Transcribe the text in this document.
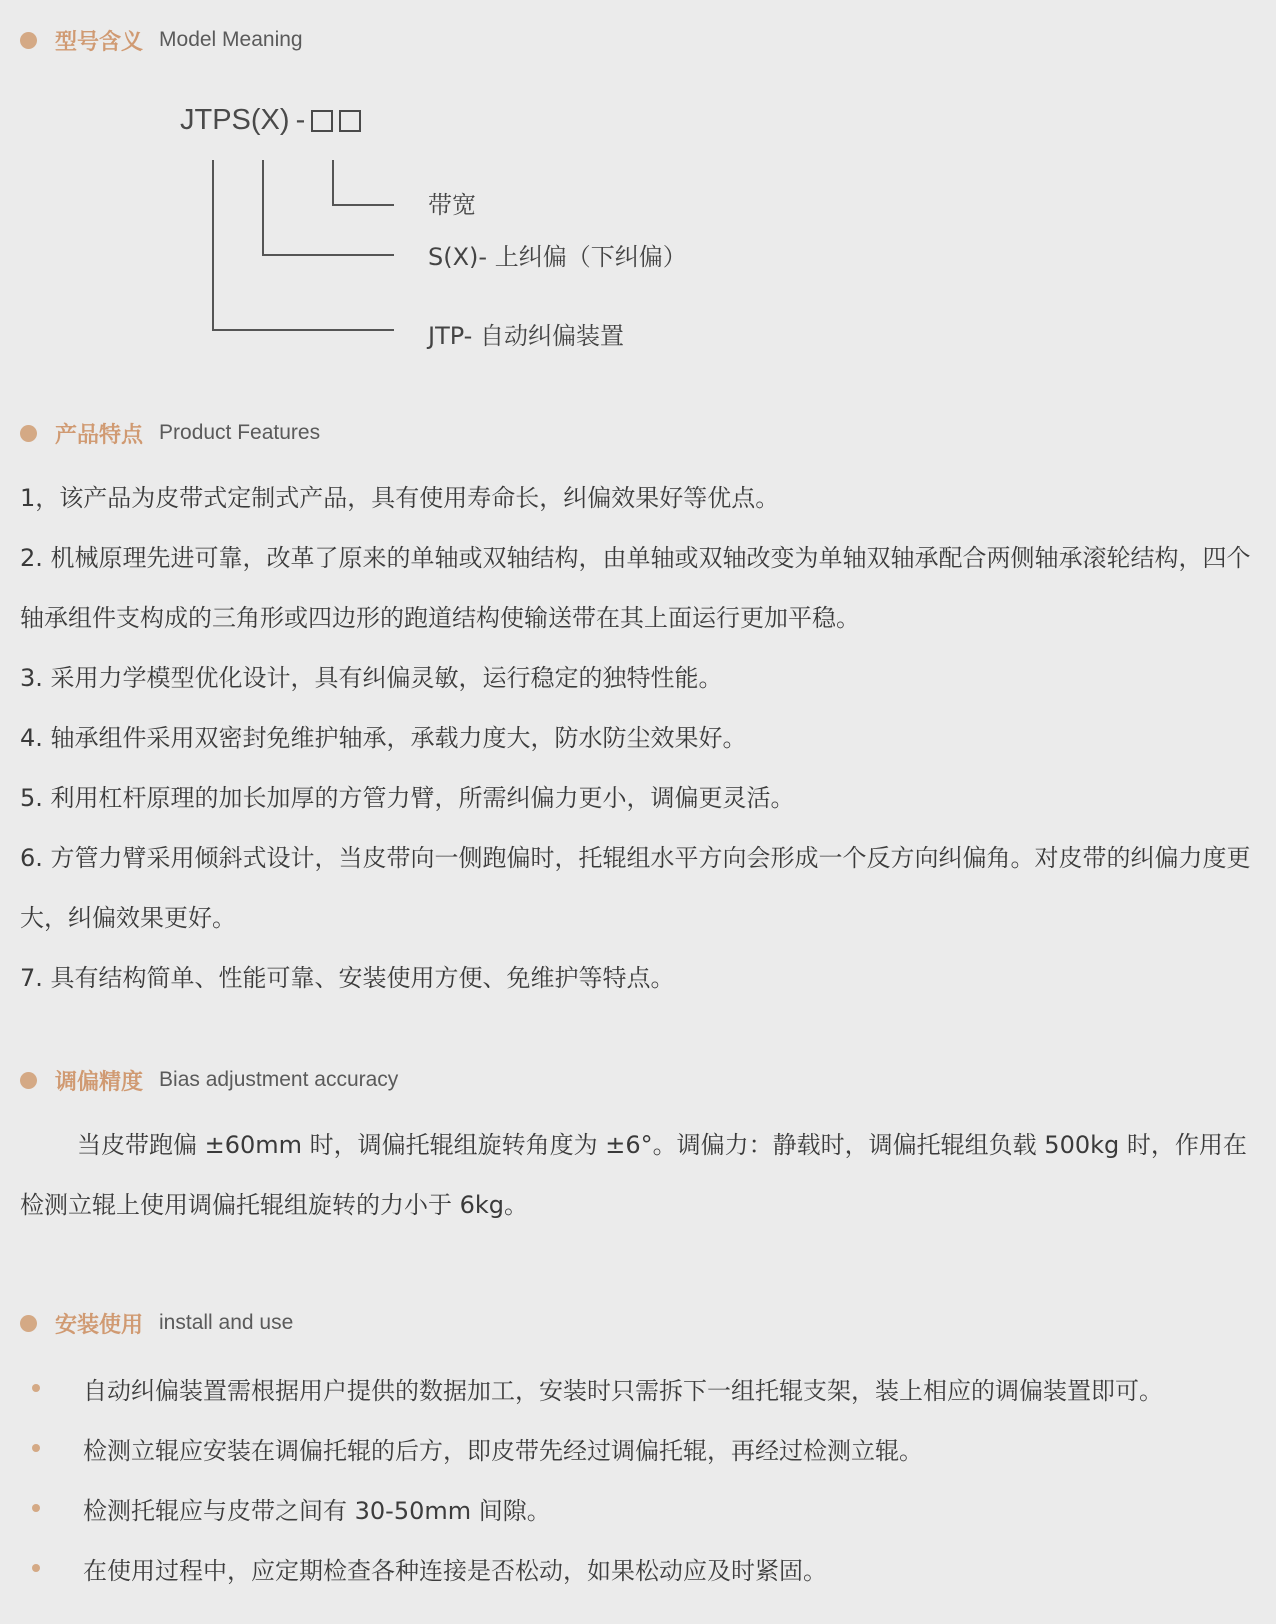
型号含义 Model Meaning
JTPS(X) -
带宽
S(X)- 上纠偏（下纠偏）
JTP- 自动纠偏装置
产品特点 Product Features
1，该产品为皮带式定制式产品，具有使用寿命长，纠偏效果好等优点。
2. 机械原理先进可靠，改革了原来的单轴或双轴结构，由单轴或双轴改变为单轴双轴承配合两侧轴承滚轮结构，四个轴承组件支构成的三角形或四边形的跑道结构使输送带在其上面运行更加平稳。
3. 采用力学模型优化设计，具有纠偏灵敏，运行稳定的独特性能。
4. 轴承组件采用双密封免维护轴承，承载力度大，防水防尘效果好。
5. 利用杠杆原理的加长加厚的方管力臂，所需纠偏力更小，调偏更灵活。
6. 方管力臂采用倾斜式设计，当皮带向一侧跑偏时，托辊组水平方向会形成一个反方向纠偏角。对皮带的纠偏力度更大，纠偏效果更好。
7. 具有结构简单、性能可靠、安装使用方便、免维护等特点。
调偏精度 Bias adjustment accuracy
当皮带跑偏 ±60mm 时，调偏托辊组旋转角度为 ±6°。调偏力：静载时，调偏托辊组负载 500kg 时，作用在检测立辊上使用调偏托辊组旋转的力小于 6kg。
安装使用 install and use
自动纠偏装置需根据用户提供的数据加工，安装时只需拆下一组托辊支架，装上相应的调偏装置即可。
检测立辊应安装在调偏托辊的后方，即皮带先经过调偏托辊，再经过检测立辊。
检测托辊应与皮带之间有 30-50mm 间隙。
在使用过程中，应定期检查各种连接是否松动，如果松动应及时紧固。
